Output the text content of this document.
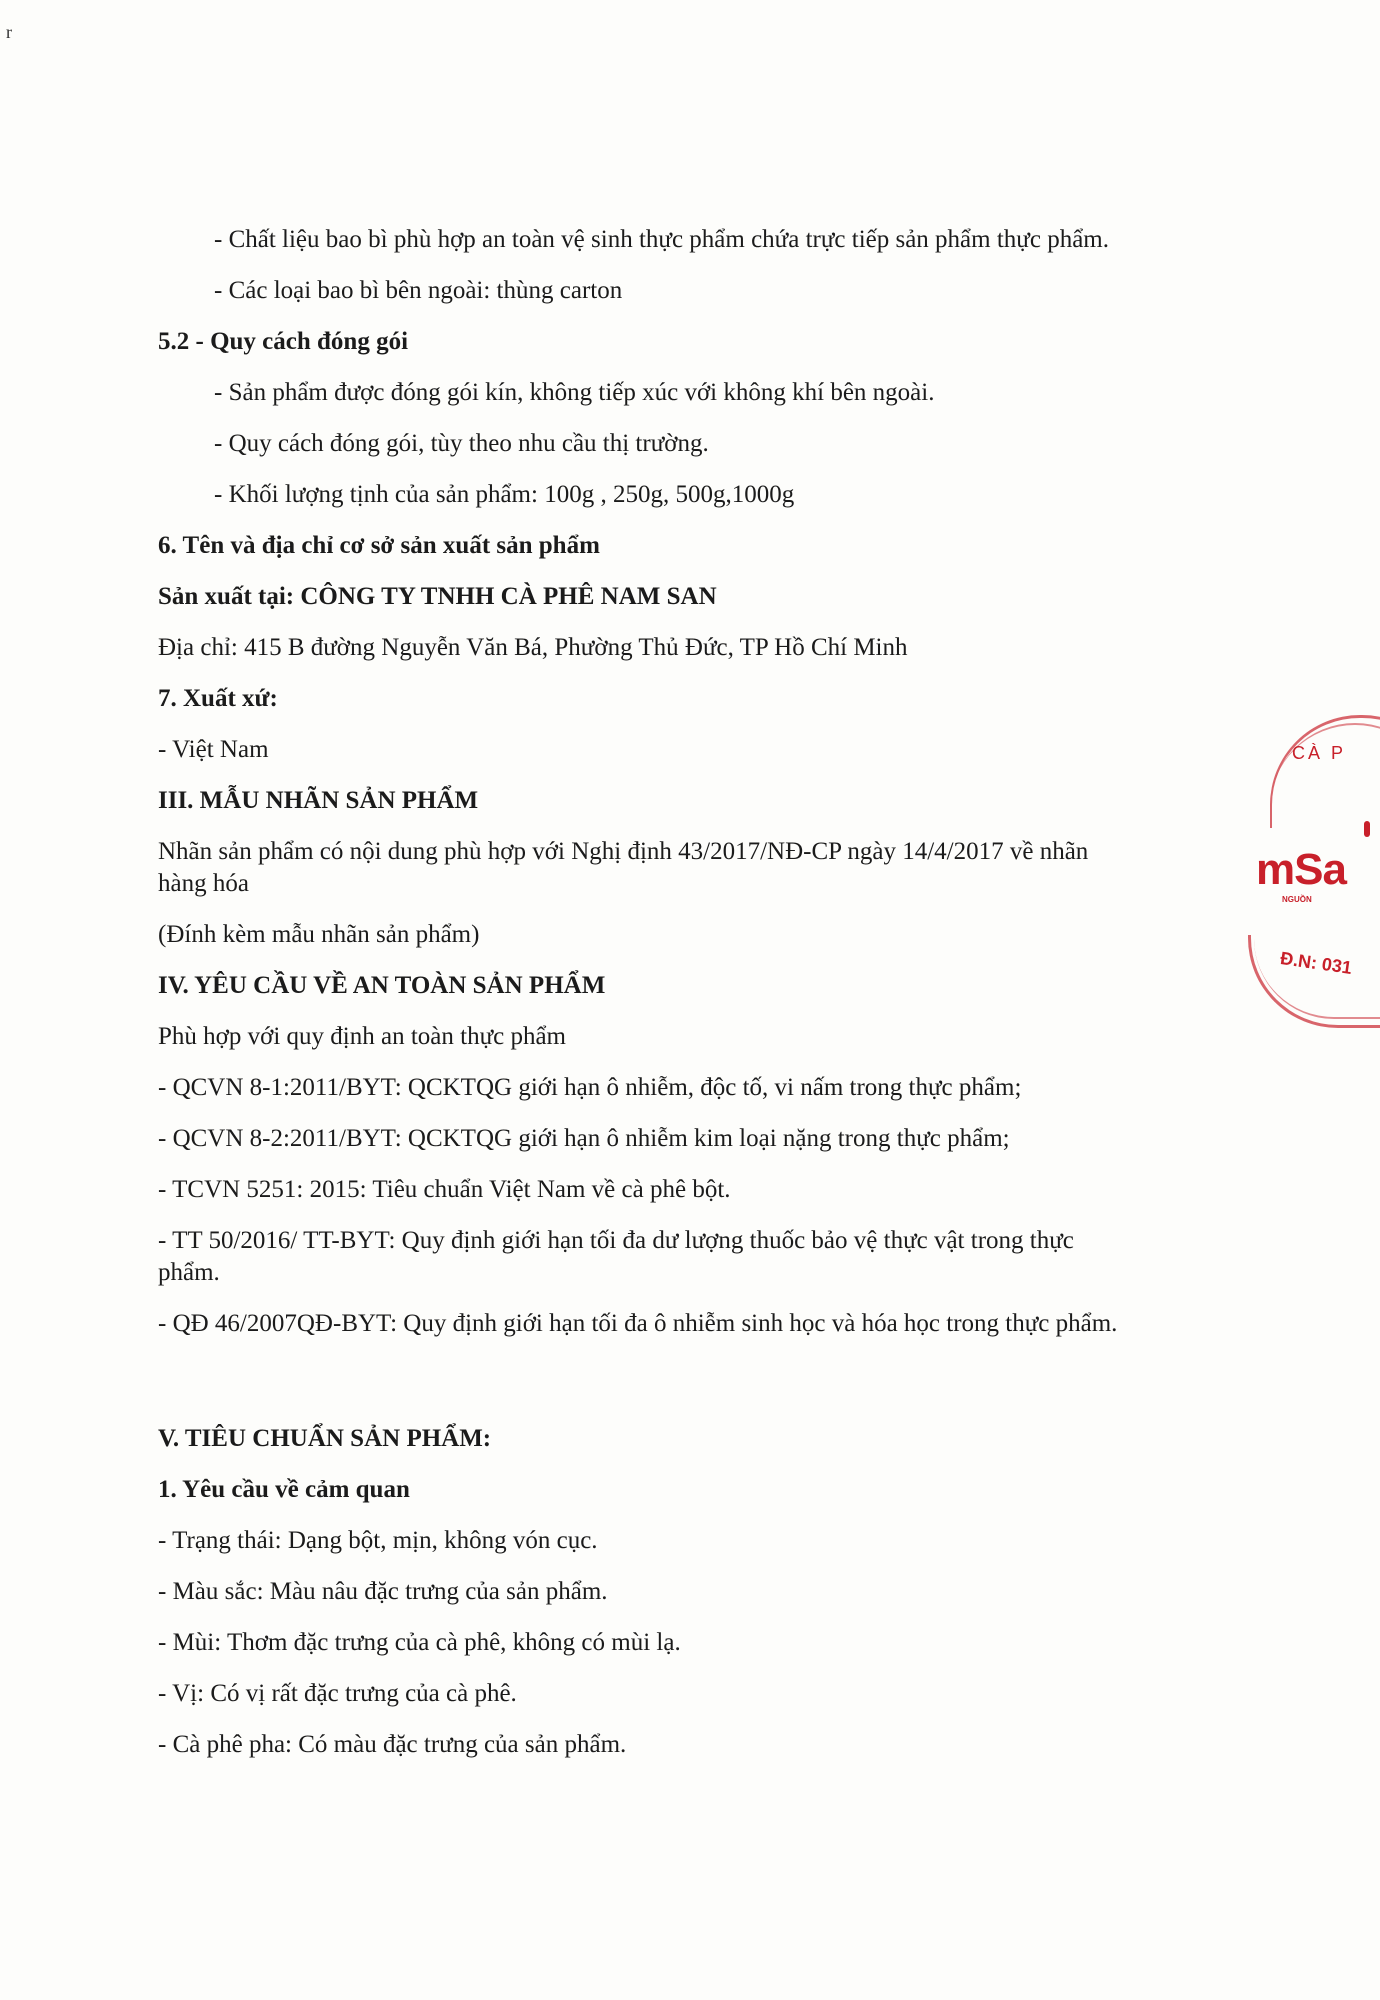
r

- Chất liệu bao bì phù hợp an toàn vệ sinh thực phẩm chứa trực tiếp sản phẩm thực phẩm.

- Các loại bao bì bên ngoài: thùng carton

5.2 - Quy cách đóng gói

- Sản phẩm được đóng gói kín, không tiếp xúc với không khí bên ngoài.

- Quy cách đóng gói, tùy theo nhu cầu thị trường.

- Khối lượng tịnh của sản phẩm: 100g , 250g, 500g,1000g

6. Tên và địa chỉ cơ sở sản xuất sản phẩm

Sản xuất tại: CÔNG TY TNHH CÀ PHÊ NAM SAN

Địa chỉ: 415 B đường Nguyễn Văn Bá, Phường Thủ Đức, TP Hồ Chí Minh

7. Xuất xứ:

- Việt Nam

III. MẪU NHÃN SẢN PHẨM

Nhãn sản phẩm có nội dung phù hợp với Nghị định 43/2017/NĐ-CP ngày 14/4/2017 về nhãn hàng hóa

(Đính kèm mẫu nhãn sản phẩm)

IV. YÊU CẦU VỀ AN TOÀN SẢN PHẨM

Phù hợp với quy định an toàn thực phẩm

- QCVN 8-1:2011/BYT: QCKTQG giới hạn ô nhiễm, độc tố, vi nấm trong thực phẩm;

- QCVN 8-2:2011/BYT: QCKTQG giới hạn ô nhiễm kim loại nặng trong thực phẩm;

- TCVN 5251: 2015: Tiêu chuẩn Việt Nam về cà phê bột.

- TT 50/2016/ TT-BYT: Quy định giới hạn tối đa dư lượng thuốc bảo vệ thực vật trong thực phẩm.

- QĐ 46/2007QĐ-BYT: Quy định giới hạn tối đa ô nhiễm sinh học và hóa học trong thực phẩm.

V. TIÊU CHUẨN SẢN PHẨM:

1. Yêu cầu về cảm quan

- Trạng thái: Dạng bột, mịn, không vón cục.

- Màu sắc: Màu nâu đặc trưng của sản phẩm.

- Mùi: Thơm đặc trưng của cà phê, không có mùi lạ.

- Vị: Có vị rất đặc trưng của cà phê.

- Cà phê pha: Có màu đặc trưng của sản phẩm.

CÀ P
mSa
NGUỒN
Đ.N: 031
